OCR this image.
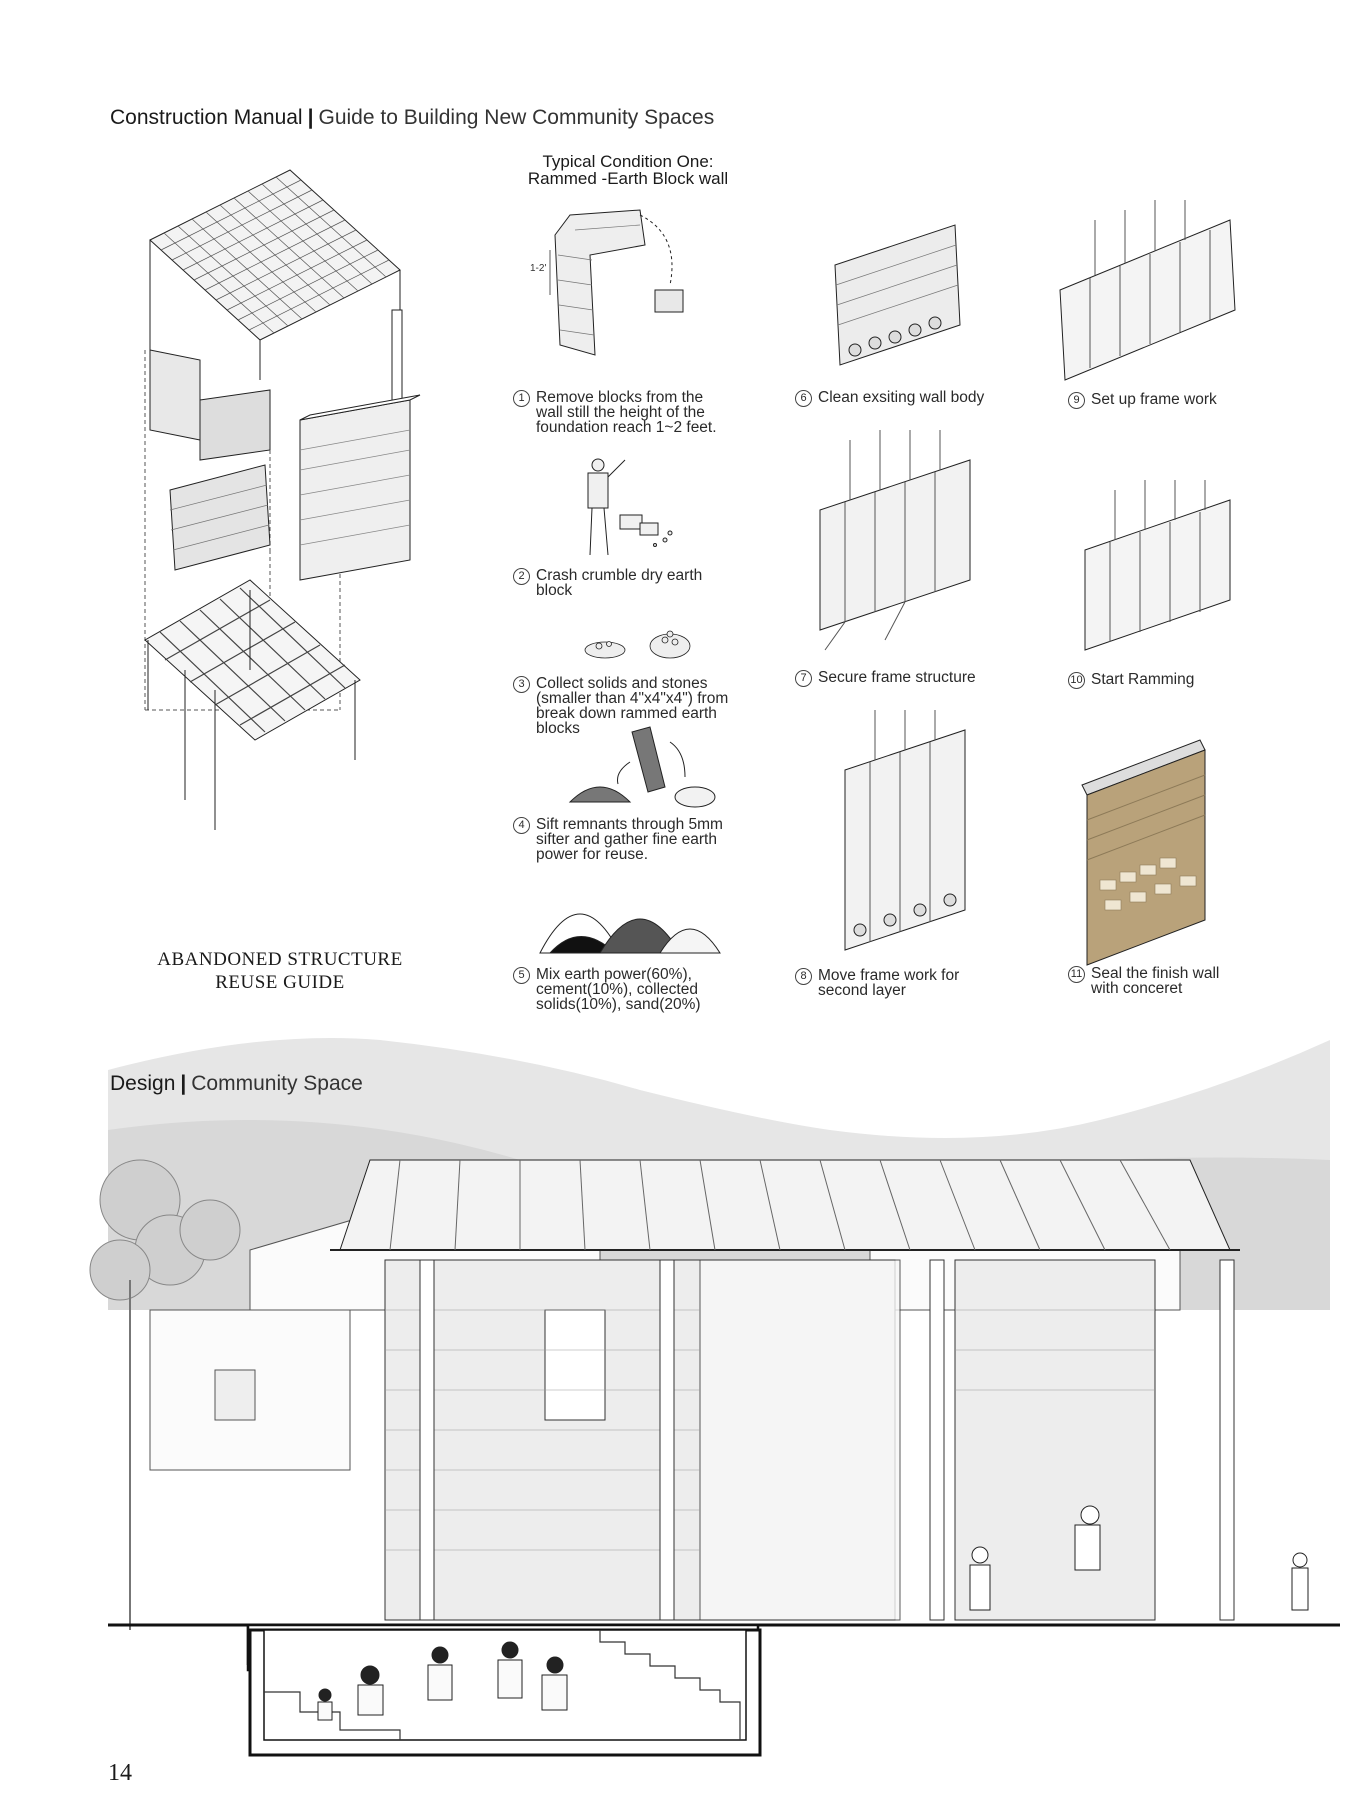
Construction Manual | Guide to Building New Community Spaces
Typical Condition One:
Rammed -Earth Block wall
ABANDONED STRUCTURE
REUSE GUIDE
1-2'
1 Remove blocks from the
wall still the height of the
foundation reach 1~2 feet.
2 Crash crumble dry earth
block
3 Collect solids and stones
(smaller than 4"x4"x4") from
break down rammed earth
blocks
4 Sift remnants through 5mm
sifter and gather fine earth
power for reuse.
5 Mix earth power(60%),
cement(10%), collected
solids(10%), sand(20%)
6 Clean exsiting wall body
7 Secure frame structure
8 Move frame work for
second layer
9 Set up frame work
10 Start Ramming
11 Seal the finish wall
with conceret
Design | Community Space
14
